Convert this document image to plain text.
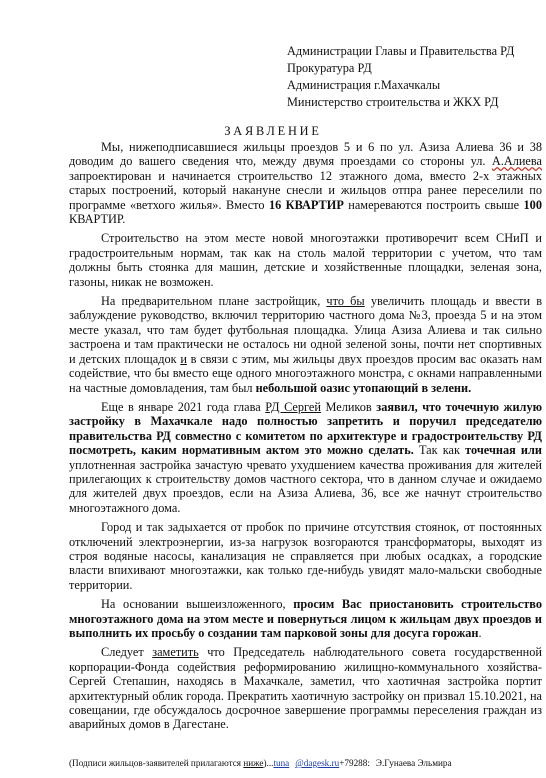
Администрации Главы и Правительства РД
Прокуратура РД
Администрация г.Махачкалы
Министерство строительства и ЖКХ РД
ЗАЯВЛЕНИЕ

Мы, нижеподписавшиеся жильцы проездов 5 и 6 по ул. Азиза Алиева 36 и 38 доводим до вашего сведения что, между двумя проездами со стороны ул. А.Алиева запроектирован и начинается строительство 12 этажного дома, вместо 2-х этажных старых построений, который накануне снесли и жильцов отпра ранее переселили по программе «ветхого жилья». Вместо 16 КВАРТИР намереваются построить свыше 100 КВАРТИР.

Строительство на этом месте новой многоэтажки противоречит всем СНиП и градостроительным нормам, так как на столь малой территории с учетом, что там должны быть стоянка для машин, детские и хозяйственные площадки, зеленая зона, газоны, никак не возможен.

На предварительном плане застройщик, что бы увеличить площадь и ввести в заблуждение руководство, включил территорию частного дома №3, проезда 5 и на этом месте указал, что там будет футбольная площадка. Улица Азиза Алиева и так сильно застроена и там практически не осталось ни одной зеленой зоны, почти нет спортивных и детских площадок и в связи с этим, мы жильцы двух проездов просим вас оказать нам содействие, что бы вместо еще одного многоэтажного монстра, с окнами направленными на частные домовладения, там был небольшой оазис утопающий в зелени.

Еще в январе 2021 года глава РД Сергей Меликов заявил, что точечную жилую застройку в Махачкале надо полностью запретить и поручил председателю правительства РД совместно с комитетом по архитектуре и градостроительству РД посмотреть, каким нормативным актом это можно сделать. Так как точечная или уплотненная застройка зачастую чревато ухудшением качества проживания для жителей прилегающих к строительству домов частного сектора, что в данном случае и ожидаемо для жителей двух проездов, если на Азиза Алиева, 36, все же начнут строительство многоэтажного дома.

Город и так задыхается от пробок по причине отсутствия стоянок, от постоянных отключений электроэнергии, из-за нагрузок возгораются трансформаторы, выходят из строя водяные насосы, канализация не справляется при любых осадках, а городские власти впихивают многоэтажки, как только где-нибудь увидят мало-мальски свободные территории.

На основании вышеизложенного, просим Вас приостановить строительство многоэтажного дома на этом месте и повернуться лицом к жильцам двух проездов и выполнить их просьбу о создании там парковой зоны для досуга горожан.

Следует заметить что Председатель наблюдательного совета государственной корпорации-Фонда содействия реформированию жилищно-коммунального хозяйства- Сергей Степашин, находясь в Махачкале, заметил, что хаотичная застройка портит архитектурный облик города. Прекратить хаотичную застройку он призвал 15.10.2021, на совещании, где обсуждалось досрочное завершение программы переселения граждан из аварийных домов в Дагестане.

(Подписи жильцов-заявителей прилагаются ниже)...tuna @dagesk.ru+79288: Э.Гунаева Эльмира
